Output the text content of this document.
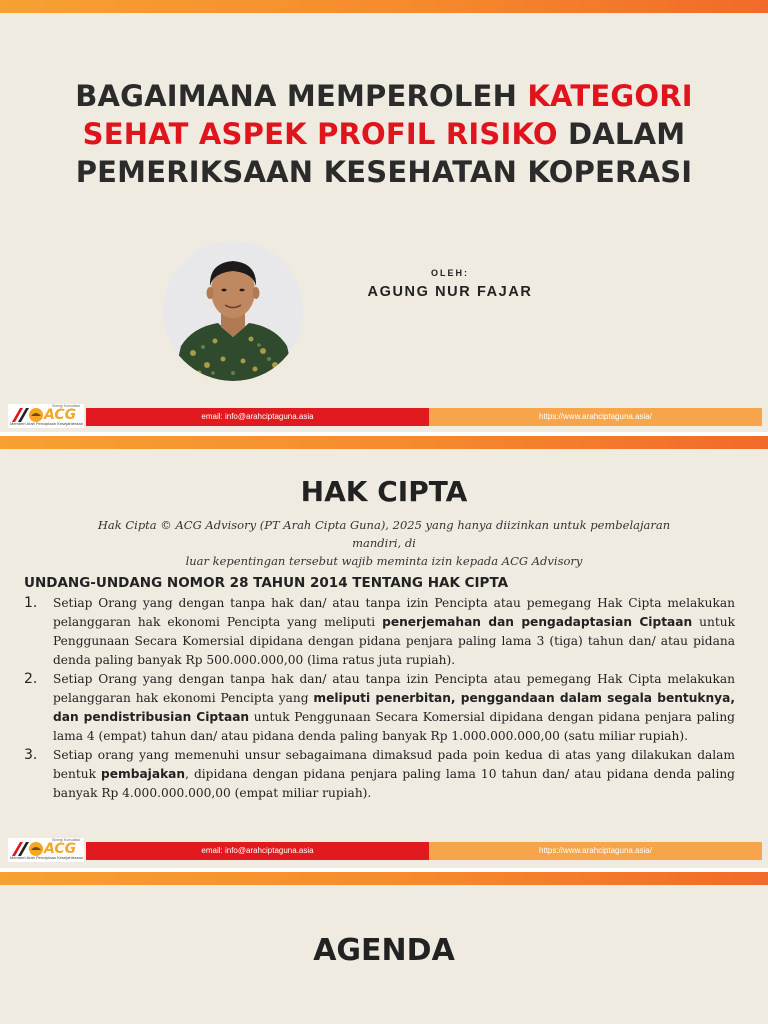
BAGAIMANA MEMPEROLEH KATEGORI
SEHAT ASPEK PROFIL RISIKO DALAM
PEMERIKSAAN KESEHATAN KOPERASI
OLEH:
AGUNG NUR FAJAR
Sinergi Konsultasi
ACG
Memberi Arah Penciptaan Kesejahteraan
email: info@arahciptaguna.asia	https://www.arahciptaguna.asia/
HAK CIPTA

Hak Cipta © ACG Advisory (PT Arah Cipta Guna), 2025 yang hanya diizinkan untuk pembelajaran mandiri, di
luar kepentingan tersebut wajib meminta izin kepada ACG Advisory

UNDANG-UNDANG NOMOR 28 TAHUN 2014 TENTANG HAK CIPTA
1. Setiap Orang yang dengan tanpa hak dan/ atau tanpa izin Pencipta atau pemegang Hak Cipta melakukan pelanggaran hak ekonomi Pencipta yang meliputi penerjemahan dan pengadaptasian Ciptaan untuk Penggunaan Secara Komersial dipidana dengan pidana penjara paling lama 3 (tiga) tahun dan/ atau pidana denda paling banyak Rp 500.000.000,00 (lima ratus juta rupiah).
2. Setiap Orang yang dengan tanpa hak dan/ atau tanpa izin Pencipta atau pemegang Hak Cipta melakukan pelanggaran hak ekonomi Pencipta yang meliputi penerbitan, penggandaan dalam segala bentuknya, dan pendistribusian Ciptaan untuk Penggunaan Secara Komersial dipidana dengan pidana penjara paling lama 4 (empat) tahun dan/ atau pidana denda paling banyak Rp 1.000.000.000,00 (satu miliar rupiah).
3. Setiap orang yang memenuhi unsur sebagaimana dimaksud pada poin kedua di atas yang dilakukan dalam bentuk pembajakan, dipidana dengan pidana penjara paling lama 10 tahun dan/ atau pidana denda paling banyak Rp 4.000.000.000,00 (empat miliar rupiah).
Sinergi Konsultasi
ACG
Memberi Arah Penciptaan Kesejahteraan
email: info@arahciptaguna.asia	https://www.arahciptaguna.asia/
AGENDA
